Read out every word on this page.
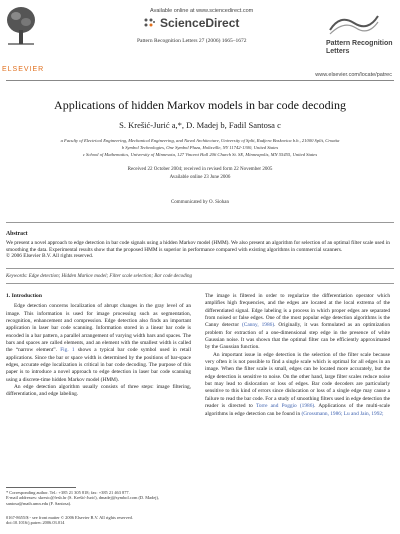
ELSEVIER
Available online at www.sciencedirect.com
ScienceDirect
Pattern Recognition Letters 27 (2006) 1665–1672	Pattern Recognition
Letters
www.elsevier.com/locate/patrec
Applications of hidden Markov models in bar code decoding
S. Krešić-Jurić a,*, D. Madej b, Fadil Santosa c
a Faculty of Electrical Engineering, Mechanical Engineering, and Naval Architecture, University of Split, Rudjera Boskovica b.b., 21000 Split, Croatia
b Symbol Technologies, One Symbol Plaza, Holtsville, NY 11742-1300, United States
c School of Mathematics, University of Minnesota, 127 Vincent Hall 206 Church St. SE, Minneapolis, MN 55455, United States
Received 22 October 2004; received in revised form 22 November 2005
Available online 23 June 2006
Communicated by O. Siohan
Abstract
We present a novel approach to edge detection in bar code signals using a hidden Markov model (HMM). We also present an algorithm for selection of an optimal filter scale used in smoothing the data. Experimental results show that the proposed HMM is superior in performance compared with existing algorithms in commercial scanners.
© 2006 Elsevier B.V. All rights reserved.
Keywords: Edge detection; Hidden Markov model; Filter scale selection; Bar code decoding
1. Introduction
Edge detection concerns localization of abrupt changes in the gray level of an image. This information is used for image processing such as segmentation, recognition, enhancement and compression. Edge detection also finds an important application in laser bar code scanning. Information stored in a linear bar code is encoded in a bar pattern, a parallel arrangement of varying width bars and spaces. The bars and spaces are called elements, and an element with the smallest width is called the “narrow element”. Fig. 1 shows a typical bar code symbol used in retail applications. Since the bar or space width is determined by the positions of bar-space edges, accurate edge localization is critical in bar code decoding. The purpose of this paper is to introduce a novel approach to edge detection in laser bar code scanning using a discrete-time hidden Markov model (HMM).
An edge detection algorithm usually consists of three steps: image filtering, differentiation, and edge labeling.
The image is filtered in order to regularize the differentiation operator which amplifies high frequencies, and the edges are located at the local extrema of the differentiated signal. Edge labeling is a process in which proper edges are separated from noised or false edges. One of the most popular edge detection algorithms is the Canny detector (Canny, 1986). Originally, it was formulated as an optimization problem for extraction of a one-dimensional step edge in the presence of white Gaussian noise. It was shown that the optimal filter can be efficiently approximated by the Gaussian function.
An important issue in edge detection is the selection of the filter scale because very often it is not possible to find a single scale which is optimal for all edges in an image. When the filter scale is small, edges can be located more accurately, but the edge detection is sensitive to noise. On the other hand, large filter scales reduce noise but may lead to dislocation or loss of edges. Bar code decoders are particularly sensitive to this kind of errors since dislocation or loss of a single edge may cause a failure to read the bar code. For a study of smoothing filters used in edge detection the reader is directed to Torre and Poggio (1986). Applications of the multi-scale algorithms in edge detection can be found in (Grossmann, 1986; Lu and Jain, 1992;
* Corresponding author. Tel.: +385 21 305 818; fax: +385 21 463 877.
E-mail addresses: skresic@fesb.hr (S. Krešić-Jurić), dmadej@symbol.com (D. Madej), santosa@math.umn.edu (F. Santosa).
0167-8655/$ - see front matter © 2006 Elsevier B.V. All rights reserved.
doi:10.1016/j.patrec.2006.03.014
